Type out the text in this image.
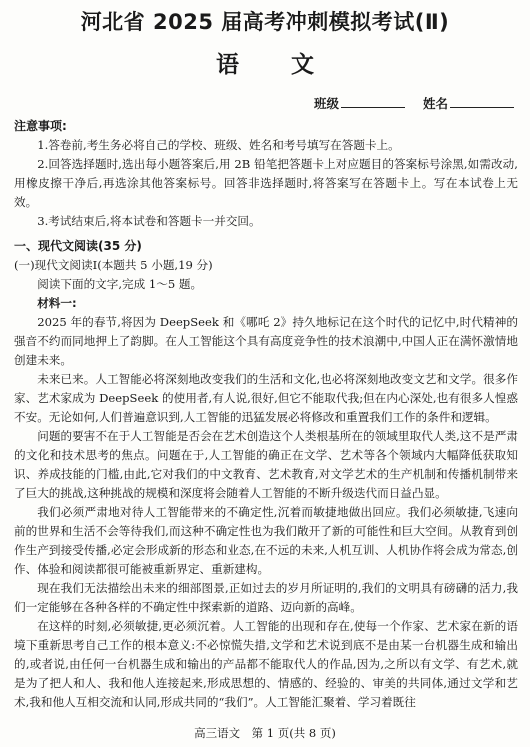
河北省 2025 届高考冲刺模拟考试(Ⅱ)
语 文
班级	姓名
注意事项:

1.答卷前,考生务必将自己的学校、班级、姓名和考号填写在答题卡上。

2.回答选择题时,选出每小题答案后,用 2B 铅笔把答题卡上对应题目的答案标号涂黑,如需改动,用橡皮擦干净后,再选涂其他答案标号。回答非选择题时,将答案写在答题卡上。写在本试卷上无效。

3.考试结束后,将本试卷和答题卡一并交回。

一、现代文阅读(35 分)

(一)现代文阅读Ⅰ(本题共 5 小题,19 分)

阅读下面的文字,完成 1～5 题。

材料一:

2025 年的春节,将因为 DeepSeek 和《哪吒 2》持久地标记在这个时代的记忆中,时代精神的强音不约而同地押上了韵脚。在人工智能这个具有高度竞争性的技术浪潮中,中国人正在满怀激情地创建未来。

未来已来。人工智能必将深刻地改变我们的生活和文化,也必将深刻地改变文艺和文学。很多作家、艺术家成为 DeepSeek 的使用者,有人说,很好,但它不能取代我;但在内心深处,也有很多人惶惑不安。无论如何,人们普遍意识到,人工智能的迅猛发展必将修改和重置我们工作的条件和逻辑。

问题的要害不在于人工智能是否会在艺术创造这个人类根基所在的领域里取代人类,这不是严肃的文化和技术思考的焦点。问题在于,人工智能的确正在文学、艺术等各个领域内大幅降低获取知识、养成技能的门槛,由此,它对我们的中文教育、艺术教育,对文学艺术的生产机制和传播机制带来了巨大的挑战,这种挑战的规模和深度将会随着人工智能的不断升级迭代而日益凸显。

我们必须严肃地对待人工智能带来的不确定性,沉着而敏捷地做出回应。我们必须敏捷,飞速向前的世界和生活不会等待我们,而这种不确定性也为我们敞开了新的可能性和巨大空间。从教育到创作生产到接受传播,必定会形成新的形态和业态,在不远的未来,人机互训、人机协作将会成为常态,创作、体验和阅读都很可能被重新界定、重新建构。

现在我们无法描绘出未来的细部图景,正如过去的岁月所证明的,我们的文明具有磅礴的活力,我们一定能够在各种各样的不确定性中探索新的道路、迈向新的高峰。

在这样的时刻,必须敏捷,更必须沉着。人工智能的出现和存在,使每一个作家、艺术家在新的语境下重新思考自己工作的根本意义:不必惊慌失措,文学和艺术说到底不是由某一台机器生成和输出的,或者说,由任何一台机器生成和输出的产品都不能取代人的作品,因为,之所以有文学、有艺术,就是为了把人和人、我和他人连接起来,形成思想的、情感的、经验的、审美的共同体,通过文学和艺术,我和他人互相交流和认同,形成共同的“我们”。人工智能汇聚着、学习着既往

高三语文　第 1 页(共 8 页)
